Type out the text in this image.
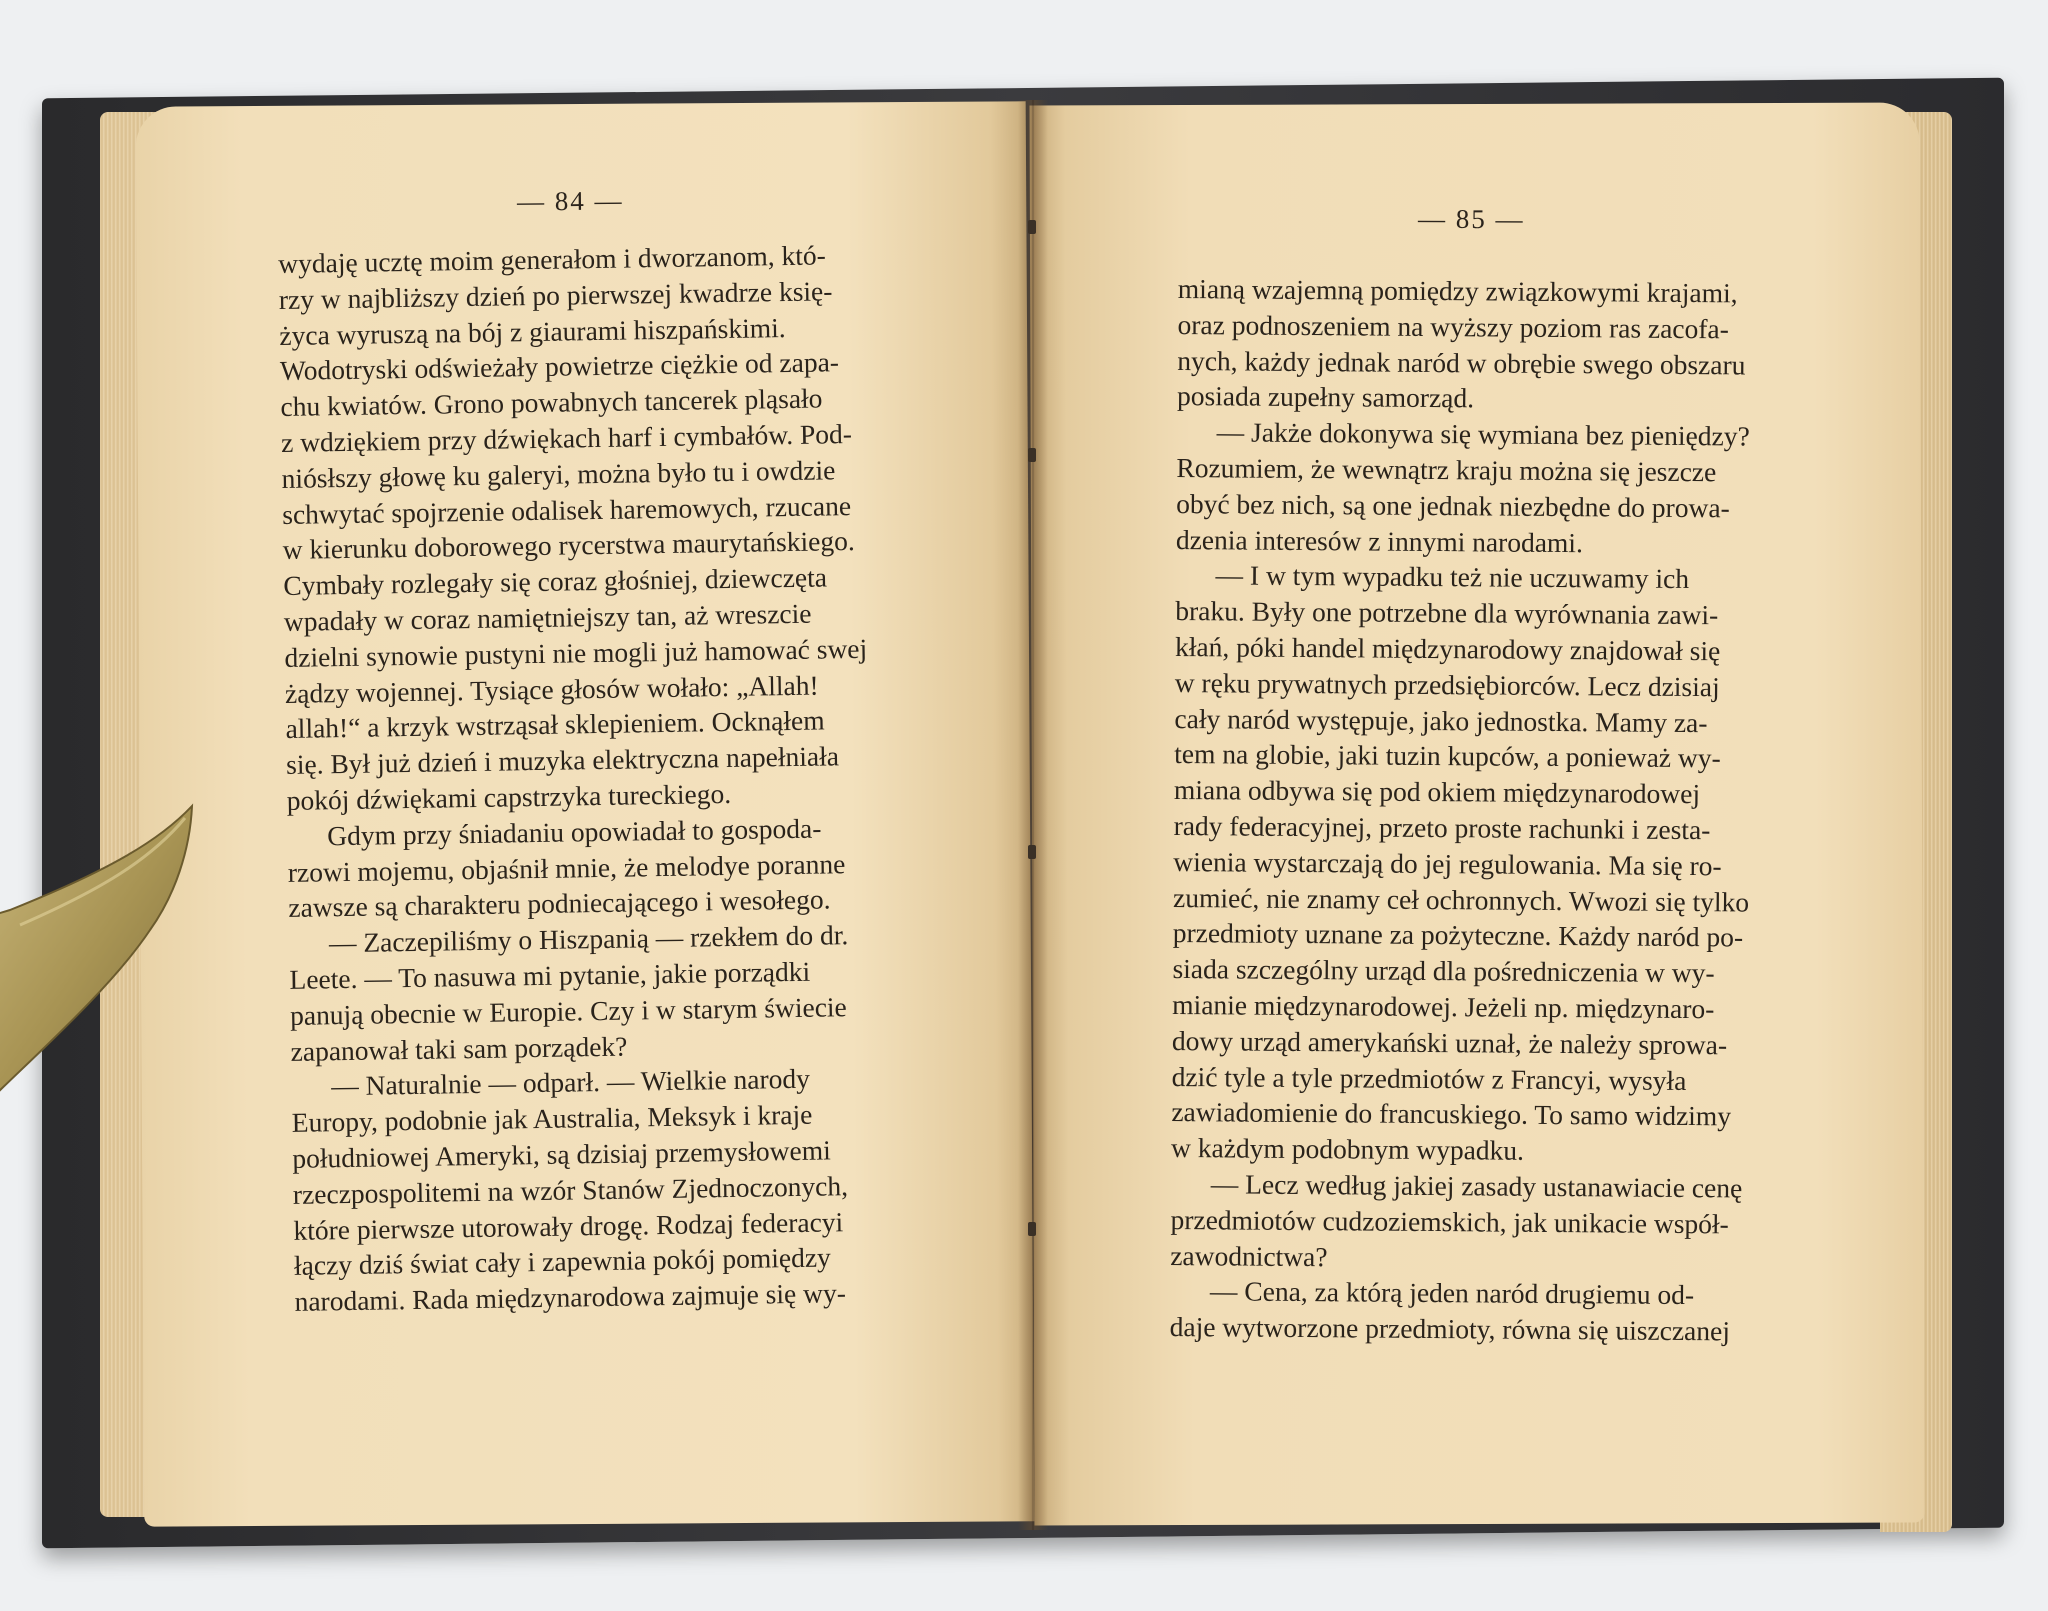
— 84 —
— 85 —
wydaję ucztę moim generałom i dworzanom, któ-
rzy w najbliższy dzień po pierwszej kwadrze księ-
życa wyruszą na bój z giaurami hiszpańskimi.
Wodotryski odświeżały powietrze ciężkie od zapa-
chu kwiatów. Grono powabnych tancerek pląsało
z wdziękiem przy dźwiękach harf i cymbałów. Pod-
niósłszy głowę ku galeryi, można było tu i owdzie
schwytać spojrzenie odalisek haremowych, rzucane
w kierunku doborowego rycerstwa maurytańskiego.
Cymbały rozlegały się coraz głośniej, dziewczęta
wpadały w coraz namiętniejszy tan, aż wreszcie
dzielni synowie pustyni nie mogli już hamować swej
żądzy wojennej. Tysiące głosów wołało: „Allah!
allah!“ a krzyk wstrząsał sklepieniem. Ocknąłem
się. Był już dzień i muzyka elektryczna napełniała
pokój dźwiękami capstrzyka tureckiego.
Gdym przy śniadaniu opowiadał to gospoda-
rzowi mojemu, objaśnił mnie, że melodye poranne
zawsze są charakteru podniecającego i wesołego.
— Zaczepiliśmy o Hiszpanią — rzekłem do dr.
Leete. — To nasuwa mi pytanie, jakie porządki
panują obecnie w Europie. Czy i w starym świecie
zapanował taki sam porządek?
— Naturalnie — odparł. — Wielkie narody
Europy, podobnie jak Australia, Meksyk i kraje
południowej Ameryki, są dzisiaj przemysłowemi
rzeczpospolitemi na wzór Stanów Zjednoczonych,
które pierwsze utorowały drogę. Rodzaj federacyi
łączy dziś świat cały i zapewnia pokój pomiędzy
narodami. Rada międzynarodowa zajmuje się wy-
mianą wzajemną pomiędzy związkowymi krajami,
oraz podnoszeniem na wyższy poziom ras zacofa-
nych, każdy jednak naród w obrębie swego obszaru
posiada zupełny samorząd.
— Jakże dokonywa się wymiana bez pieniędzy?
Rozumiem, że wewnątrz kraju można się jeszcze
obyć bez nich, są one jednak niezbędne do prowa-
dzenia interesów z innymi narodami.
— I w tym wypadku też nie uczuwamy ich
braku. Były one potrzebne dla wyrównania zawi-
kłań, póki handel międzynarodowy znajdował się
w ręku prywatnych przedsiębiorców. Lecz dzisiaj
cały naród występuje, jako jednostka. Mamy za-
tem na globie, jaki tuzin kupców, a ponieważ wy-
miana odbywa się pod okiem międzynarodowej
rady federacyjnej, przeto proste rachunki i zesta-
wienia wystarczają do jej regulowania. Ma się ro-
zumieć, nie znamy ceł ochronnych. Wwozi się tylko
przedmioty uznane za pożyteczne. Każdy naród po-
siada szczególny urząd dla pośredniczenia w wy-
mianie międzynarodowej. Jeżeli np. międzynaro-
dowy urząd amerykański uznał, że należy sprowa-
dzić tyle a tyle przedmiotów z Francyi, wysyła
zawiadomienie do francuskiego. To samo widzimy
w każdym podobnym wypadku.
— Lecz według jakiej zasady ustanawiacie cenę
przedmiotów cudzoziemskich, jak unikacie współ-
zawodnictwa?
— Cena, za którą jeden naród drugiemu od-
daje wytworzone przedmioty, równa się uiszczanej
